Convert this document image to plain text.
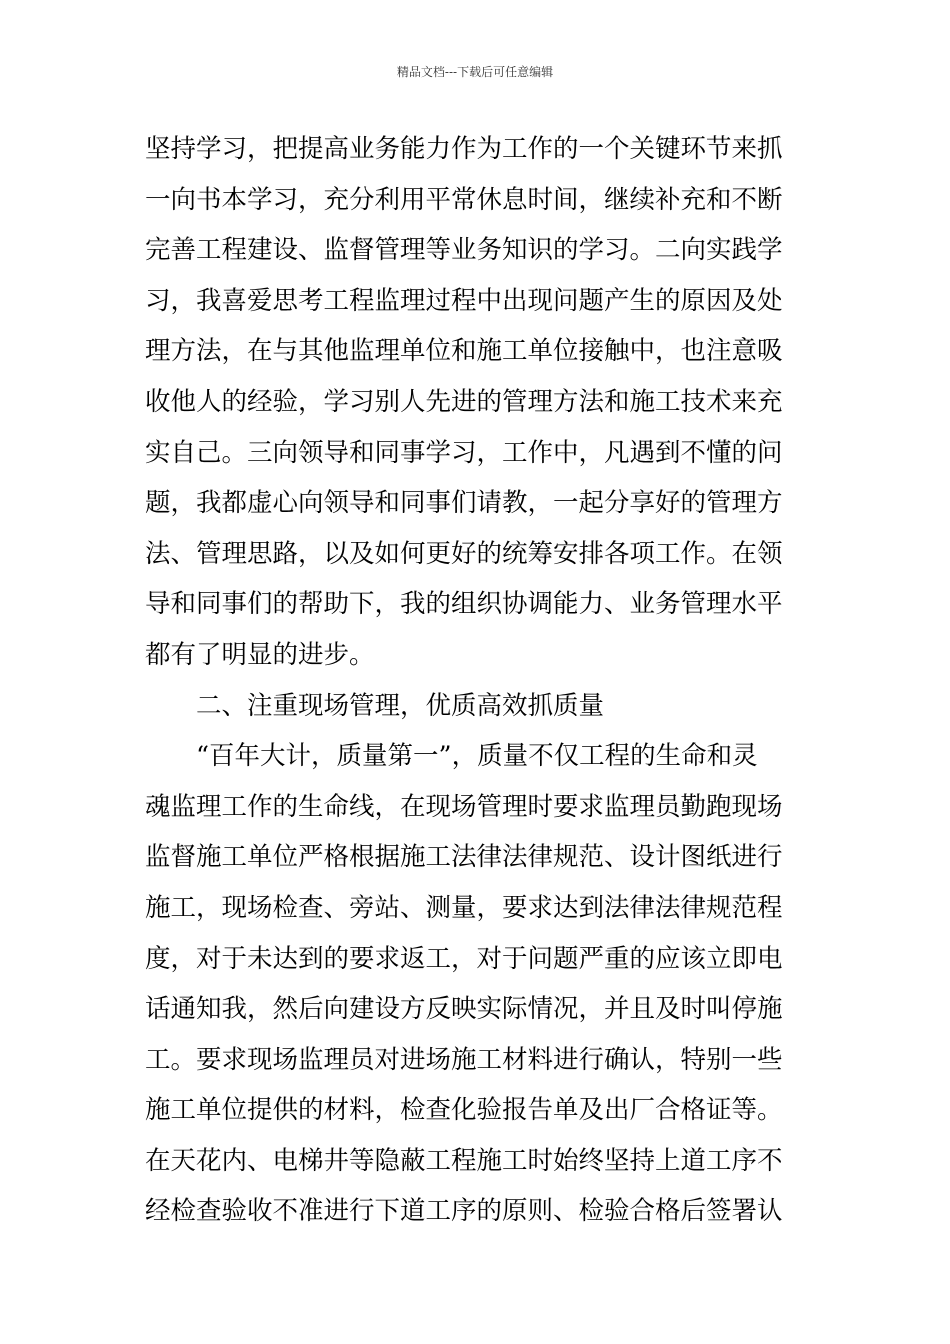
精品文档---下载后可任意编辑
坚持学习，把提高业务能力作为工作的一个关键环节来抓
一向书本学习，充分利用平常休息时间，继续补充和不断
完善工程建设、监督管理等业务知识的学习。二向实践学
习，我喜爱思考工程监理过程中出现问题产生的原因及处
理方法，在与其他监理单位和施工单位接触中，也注意吸
收他人的经验，学习别人先进的管理方法和施工技术来充
实自己。三向领导和同事学习，工作中，凡遇到不懂的问
题，我都虚心向领导和同事们请教，一起分享好的管理方
法、管理思路，以及如何更好的统筹安排各项工作。在领
导和同事们的帮助下，我的组织协调能力、业务管理水平
都有了明显的进步。
二、注重现场管理，优质高效抓质量
“百年大计，质量第一”，质量不仅工程的生命和灵
魂监理工作的生命线，在现场管理时要求监理员勤跑现场
监督施工单位严格根据施工法律法律规范、设计图纸进行
施工，现场检查、旁站、测量，要求达到法律法律规范程
度，对于未达到的要求返工，对于问题严重的应该立即电
话通知我，然后向建设方反映实际情况，并且及时叫停施
工。要求现场监理员对进场施工材料进行确认，特别一些
施工单位提供的材料，检查化验报告单及出厂合格证等。
在天花内、电梯井等隐蔽工程施工时始终坚持上道工序不
经检查验收不准进行下道工序的原则、检验合格后签署认
